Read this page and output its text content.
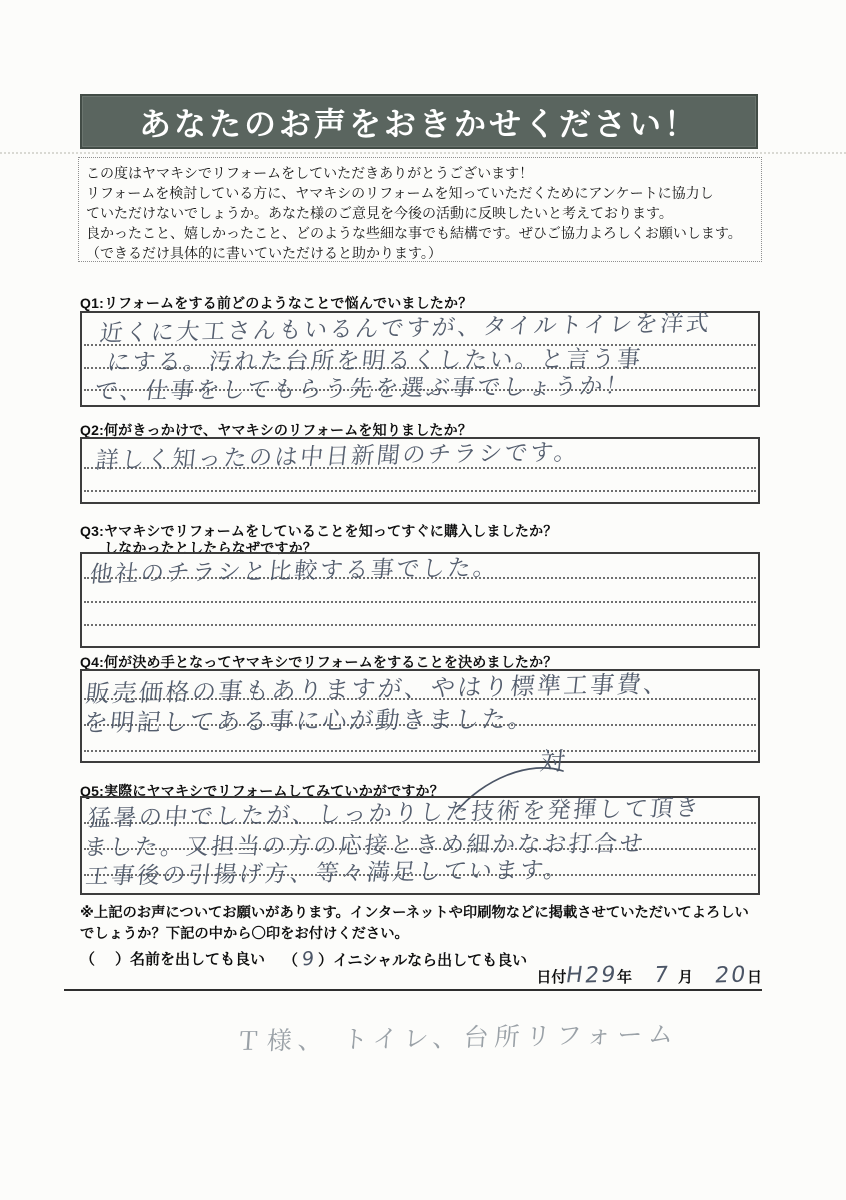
あなたのお声をおきかせください！
この度はヤマキシでリフォームをしていただきありがとうございます！
リフォームを検討している方に、ヤマキシのリフォームを知っていただくためにアンケートに協力し
ていただけないでしょうか。あなた様のご意見を今後の活動に反映したいと考えております。
良かったこと、嬉しかったこと、どのような些細な事でも結構です。ぜひご協力よろしくお願いします。
（できるだけ具体的に書いていただけると助かります。）
Q1:リフォームをする前どのようなことで悩んでいましたか？
近くに大工さんもいるんですが、タイルトイレを洋式
にする。汚れた台所を明るくしたい。と言う事
で、仕事をしてもらう先を選ぶ事でしょうか！
Q2:何がきっかけで、ヤマキシのリフォームを知りましたか？
詳しく知ったのは中日新聞のチラシです。
Q3:ヤマキシでリフォームをしていることを知ってすぐに購入しましたか？
しなかったとしたらなぜですか？
他社のチラシと比較する事でした。
Q4:何が決め手となってヤマキシでリフォームをすることを決めましたか？
販売価格の事もありますが、やはり標準工事費、
を明記してある事に心が動きました。
対
Q5:実際にヤマキシでリフォームしてみていかがですか？
猛暑の中でしたが、しっかりした技術を発揮して頂き
ました。又担当の方の応接ときめ細かなお打合せ
工事後の引揚げ方、等々満足しています。
※上記のお声についてお願いがあります。インターネットや印刷物などに掲載させていただいてよろしい
でしょうか？下記の中から〇印をお付けください。
（ ）名前を出しても良い （ 9 ）イニシャルなら出しても良い
日付
H
29
年 7 月 20
日
Ｔ様、 トイレ、台所リフォーム
